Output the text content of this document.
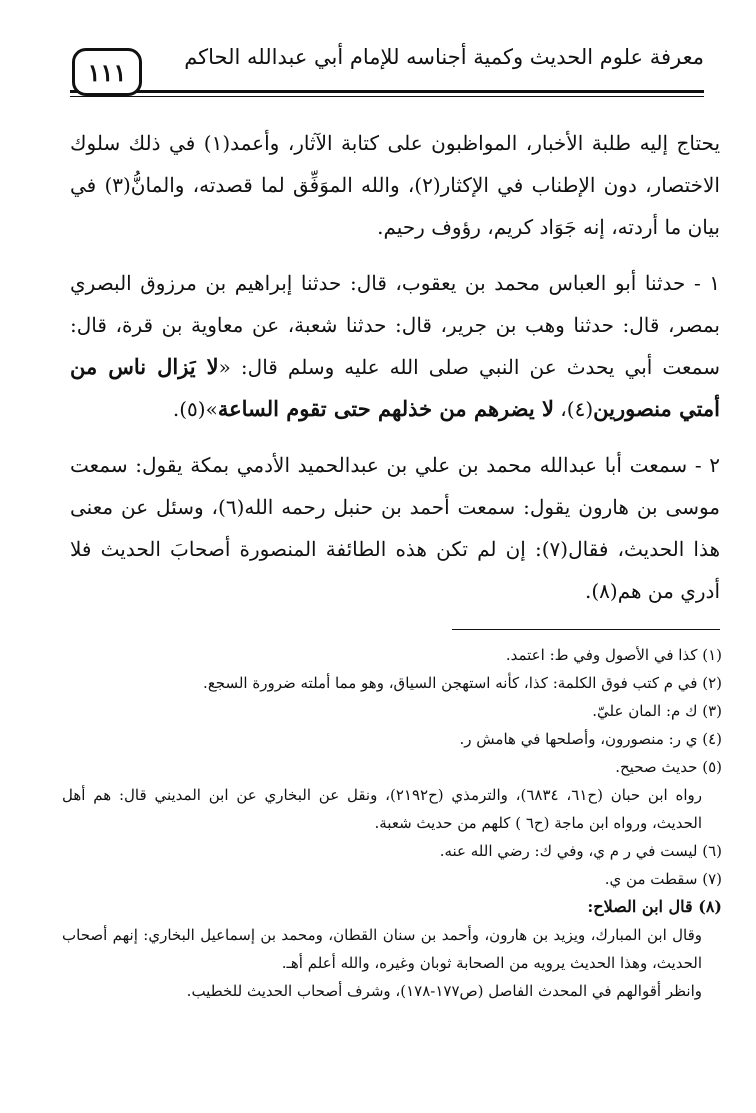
معرفة علوم الحديث وكمية أجناسه للإمام أبي عبدالله الحاكم
١١١

يحتاج إليه طلبة الأخبار، المواظبون على كتابة الآثار، وأعمد(١) في ذلك سلوك الاختصار، دون الإطناب في الإكثار(٢)، والله الموَفِّق لما قصدته، والمانُّ(٣) في بيان ما أردته، إنه جَوَاد كريم، رؤوف رحيم.

١ - حدثنا أبو العباس محمد بن يعقوب، قال: حدثنا إبراهيم بن مرزوق البصري بمصر، قال: حدثنا وهب بن جرير، قال: حدثنا شعبة، عن معاوية بن قرة، قال: سمعت أبي يحدث عن النبي صلى الله عليه وسلم قال: «لا يَزال ناس من أمتي منصورين(٤)، لا يضرهم من خذلهم حتى تقوم الساعة»(٥).

٢ - سمعت أبا عبدالله محمد بن علي بن عبدالحميد الأدمي بمكة يقول: سمعت موسى بن هارون يقول: سمعت أحمد بن حنبل رحمه الله(٦)، وسئل عن معنى هذا الحديث، فقال(٧): إن لم تكن هذه الطائفة المنصورة أصحابَ الحديث فلا أدري من هم(٨).

(١) كذا في الأصول وفي ط: اعتمد.

(٢) في م كتب فوق الكلمة: كذا، كأنه استهجن السياق، وهو مما أملته ضرورة السجع.

(٣) ك م: المان عليّ.

(٤) ي ر: منصورون، وأصلحها في هامش ر.

(٥) حديث صحيح.

رواه ابن حبان (ح٦١، ٦٨٣٤)، والترمذي (ح٢١٩٢)، ونقل عن البخاري عن ابن المديني قال: هم أهل الحديث، ورواه ابن ماجة (ح٦ ) كلهم من حديث شعبة.

(٦) ليست في ر م ي، وفي ك: رضي الله عنه.

(٧) سقطت من ي.

(٨) قال ابن الصلاح:

وقال ابن المبارك، ويزيد بن هارون، وأحمد بن سنان القطان، ومحمد بن إسماعيل البخاري: إنهم أصحاب الحديث، وهذا الحديث يرويه من الصحابة ثوبان وغيره، والله أعلم أهـ.

وانظر أقوالهم في المحدث الفاصل (ص١٧٧-١٧٨)، وشرف أصحاب الحديث للخطيب.
